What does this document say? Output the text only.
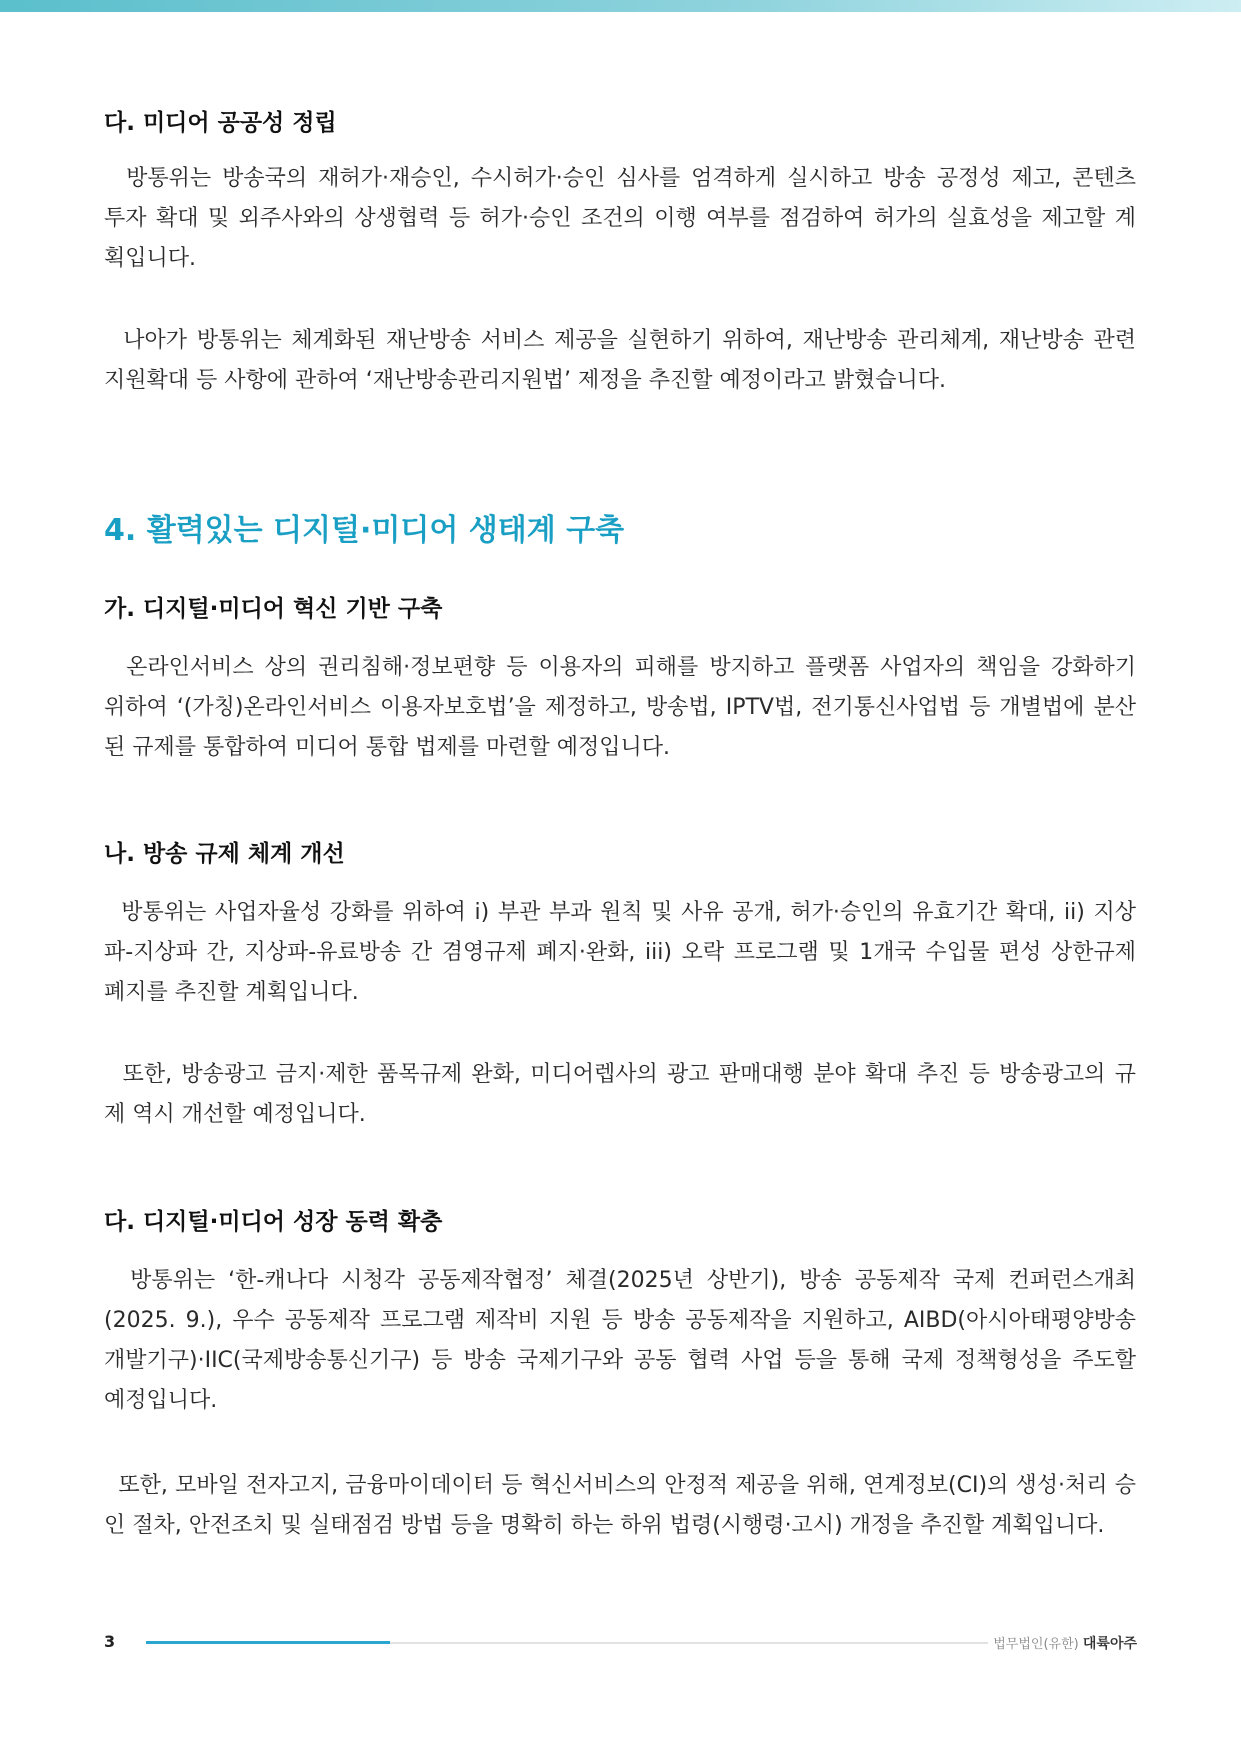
다. 미디어 공공성 정립

방통위는 방송국의 재허가·재승인, 수시허가·승인 심사를 엄격하게 실시하고 방송 공정성 제고, 콘텐츠
투자 확대 및 외주사와의 상생협력 등 허가·승인 조건의 이행 여부를 점검하여 허가의 실효성을 제고할 계
획입니다.

나아가 방통위는 체계화된 재난방송 서비스 제공을 실현하기 위하여, 재난방송 관리체계, 재난방송 관련
지원확대 등 사항에 관하여 ‘재난방송관리지원법’ 제정을 추진할 예정이라고 밝혔습니다.

4. 활력있는 디지털·미디어 생태계 구축
가. 디지털·미디어 혁신 기반 구축

온라인서비스 상의 권리침해·정보편향 등 이용자의 피해를 방지하고 플랫폼 사업자의 책임을 강화하기
위하여 ‘(가칭)온라인서비스 이용자보호법’을 제정하고, 방송법, IPTV법, 전기통신사업법 등 개별법에 분산
된 규제를 통합하여 미디어 통합 법제를 마련할 예정입니다.

나. 방송 규제 체계 개선

방통위는 사업자율성 강화를 위하여 i) 부관 부과 원칙 및 사유 공개, 허가·승인의 유효기간 확대, ii) 지상
파-지상파 간, 지상파-유료방송 간 겸영규제 폐지·완화, iii) 오락 프로그램 및 1개국 수입물 편성 상한규제
폐지를 추진할 계획입니다.

또한, 방송광고 금지·제한 품목규제 완화, 미디어렙사의 광고 판매대행 분야 확대 추진 등 방송광고의 규
제 역시 개선할 예정입니다.

다. 디지털·미디어 성장 동력 확충

방통위는 ‘한-캐나다 시청각 공동제작협정’ 체결(2025년 상반기), 방송 공동제작 국제 컨퍼런스개최
(2025. 9.), 우수 공동제작 프로그램 제작비 지원 등 방송 공동제작을 지원하고, AIBD(아시아태평양방송
개발기구)·IIC(국제방송통신기구) 등 방송 국제기구와 공동 협력 사업 등을 통해 국제 정책형성을 주도할
예정입니다.

또한, 모바일 전자고지, 금융마이데이터 등 혁신서비스의 안정적 제공을 위해, 연계정보(CI)의 생성·처리 승
인 절차, 안전조치 및 실태점검 방법 등을 명확히 하는 하위 법령(시행령·고시) 개정을 추진할 계획입니다.

3	법무법인(유한) 대륙아주
